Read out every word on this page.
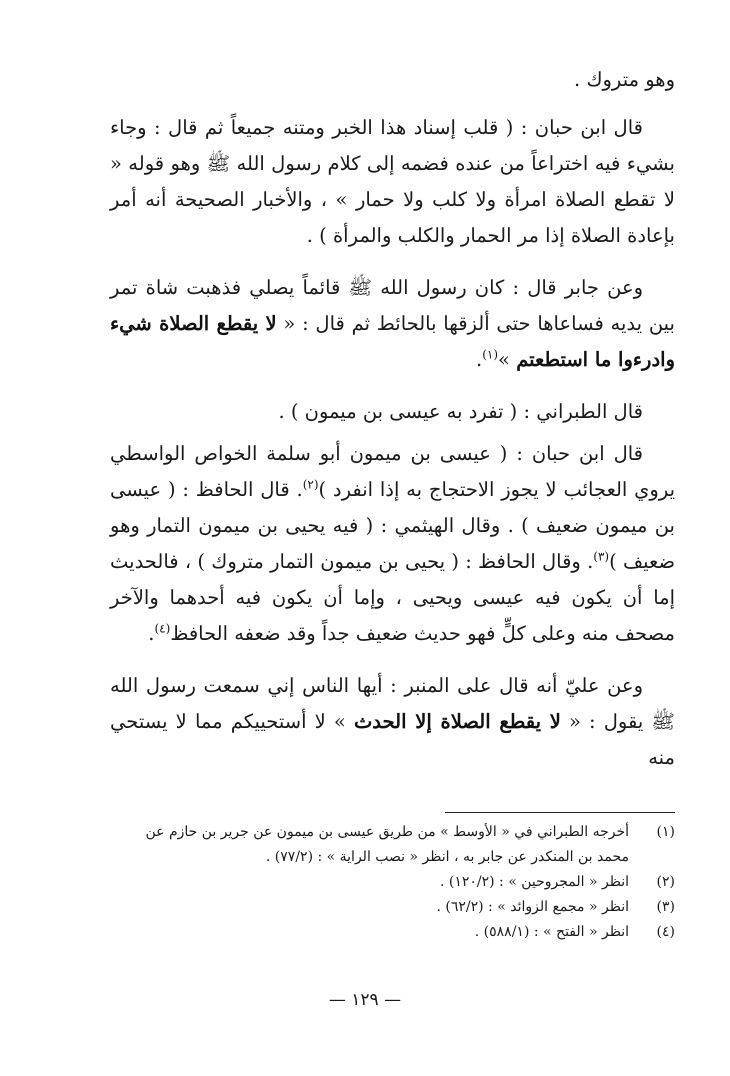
وهو متروك .

قال ابن حبان : ( قلب إسناد هذا الخبر ومتنه جميعاً ثم قال : وجاء بشيء فيه اختراعاً من عنده فضمه إلى كلام رسول الله ﷺ وهو قوله « لا تقطع الصلاة امرأة ولا كلب ولا حمار » ، والأخبار الصحيحة أنه أمر بإعادة الصلاة إذا مر الحمار والكلب والمرأة ) .

وعن جابر قال : كان رسول الله ﷺ قائماً يصلي فذهبت شاة تمر بين يديه فساعاها حتى ألزقها بالحائط ثم قال : « لا يقطع الصلاة شيء وادرءوا ما استطعتم »$^{(١)}$.

قال الطبراني : ( تفرد به عيسى بن ميمون ) .

قال ابن حبان : ( عيسى بن ميمون أبو سلمة الخواص الواسطي يروي العجائب لا يجوز الاحتجاج به إذا انفرد )$^{(٢)}$. قال الحافظ : ( عيسى بن ميمون ضعيف ) . وقال الهيثمي : ( فيه يحيى بن ميمون التمار وهو ضعيف )$^{(٣)}$. وقال الحافظ : ( يحيى بن ميمون التمار متروك ) ، فالحديث إما أن يكون فيه عيسى ويحيى ، وإما أن يكون فيه أحدهما والآخر مصحف منه وعلى كلٍّ فهو حديث ضعيف جداً وقد ضعفه الحافظ$^{(٤)}$.

وعن عليّ أنه قال على المنبر : أيها الناس إني سمعت رسول الله ﷺ يقول : « لا يقطع الصلاة إلا الحدث » لا أستحييكم مما لا يستحي منه

(١)
أخرجه الطبراني في « الأوسط » من طريق عيسى بن ميمون عن جرير بن حازم عن
محمد بن المنكدر عن جابر به ، انظر « نصب الراية » : (٧٧/٢) .
(٢)
انظر « المجروحين » : (١٢٠/٢) .
(٣)
انظر « مجمع الزوائد » : (٦٢/٢) .
(٤)
انظر « الفتح » : (٥٨٨/١) .
— ١٢٩ —
